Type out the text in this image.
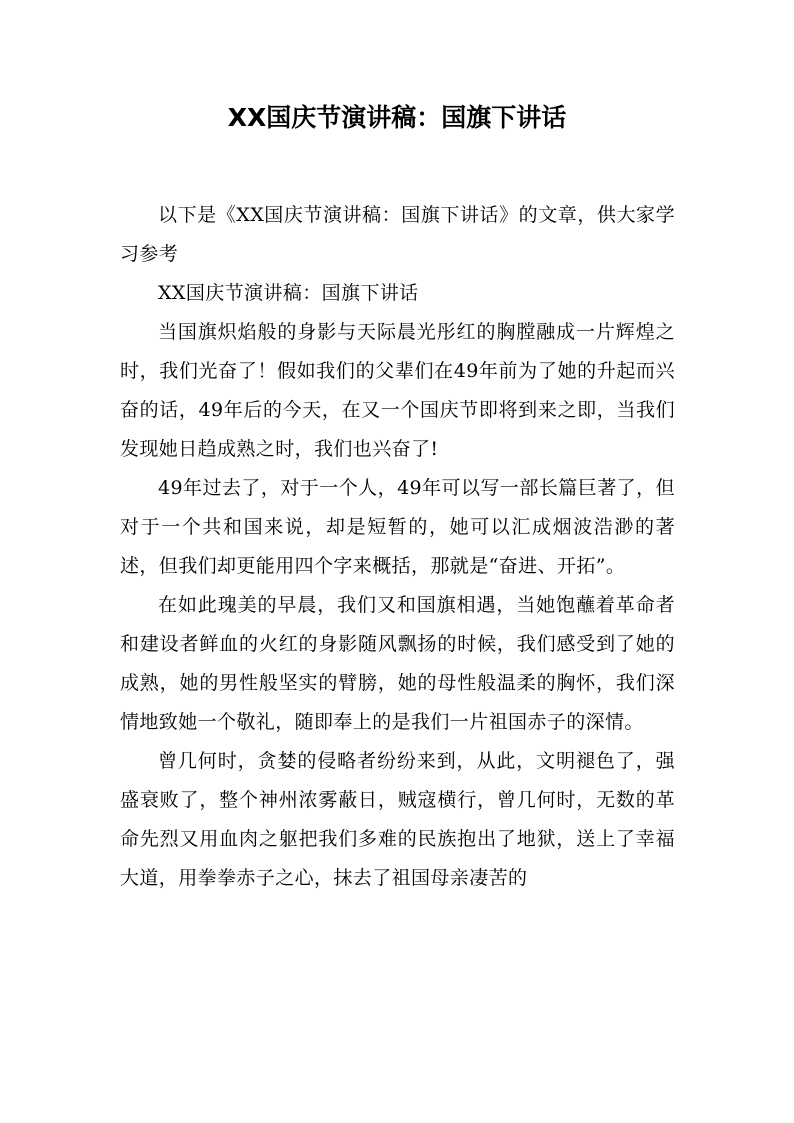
XX国庆节演讲稿：国旗下讲话

以下是《XX国庆节演讲稿：国旗下讲话》的文章，供大家学习参考

XX国庆节演讲稿：国旗下讲话

当国旗炽焰般的身影与天际晨光彤红的胸膛融成一片辉煌之时，我们光奋了！假如我们的父辈们在49年前为了她的升起而兴奋的话，49年后的今天，在又一个国庆节即将到来之即，当我们发现她日趋成熟之时，我们也兴奋了!

49年过去了，对于一个人，49年可以写一部长篇巨著了，但对于一个共和国来说，却是短暂的，她可以汇成烟波浩渺的著述，但我们却更能用四个字来概括，那就是“奋进、开拓”。

在如此瑰美的早晨，我们又和国旗相遇，当她饱蘸着革命者和建设者鲜血的火红的身影随风飘扬的时候，我们感受到了她的成熟，她的男性般坚实的臂膀，她的母性般温柔的胸怀，我们深情地致她一个敬礼，随即奉上的是我们一片祖国赤子的深情。

曾几何时，贪婪的侵略者纷纷来到，从此，文明褪色了，强盛衰败了，整个神州浓雾蔽日，贼寇横行，曾几何时，无数的革命先烈又用血肉之躯把我们多难的民族抱出了地狱，送上了幸福大道，用拳拳赤子之心，抹去了祖国母亲凄苦的
